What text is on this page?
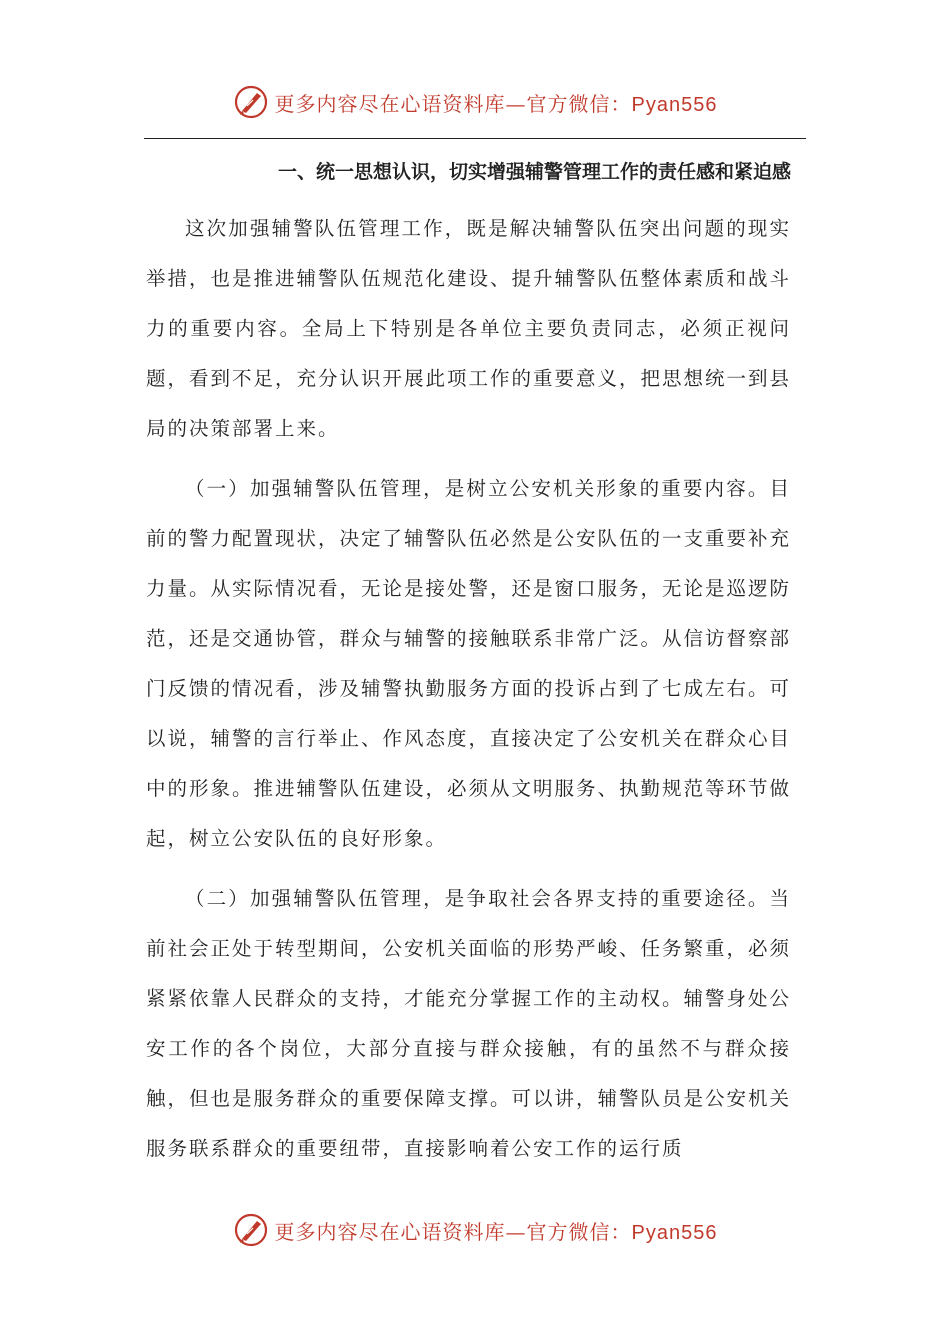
更多内容尽在心语资料库—官方微信：Pyan556
一、统一思想认识，切实增强辅警管理工作的责任感和紧迫感

这次加强辅警队伍管理工作，既是解决辅警队伍突出问题的现实举措，也是推进辅警队伍规范化建设、提升辅警队伍整体素质和战斗力的重要内容。全局上下特别是各单位主要负责同志，必须正视问题，看到不足，充分认识开展此项工作的重要意义，把思想统一到县局的决策部署上来。

（一）加强辅警队伍管理，是树立公安机关形象的重要内容。目前的警力配置现状，决定了辅警队伍必然是公安队伍的一支重要补充力量。从实际情况看，无论是接处警，还是窗口服务，无论是巡逻防范，还是交通协管，群众与辅警的接触联系非常广泛。从信访督察部门反馈的情况看，涉及辅警执勤服务方面的投诉占到了七成左右。可以说，辅警的言行举止、作风态度，直接决定了公安机关在群众心目中的形象。推进辅警队伍建设，必须从文明服务、执勤规范等环节做起，树立公安队伍的良好形象。

（二）加强辅警队伍管理，是争取社会各界支持的重要途径。当前社会正处于转型期间，公安机关面临的形势严峻、任务繁重，必须紧紧依靠人民群众的支持，才能充分掌握工作的主动权。辅警身处公安工作的各个岗位，大部分直接与群众接触，有的虽然不与群众接触，但也是服务群众的重要保障支撑。可以讲，辅警队员是公安机关服务联系群众的重要纽带，直接影响着公安工作的运行质

更多内容尽在心语资料库—官方微信：Pyan556
